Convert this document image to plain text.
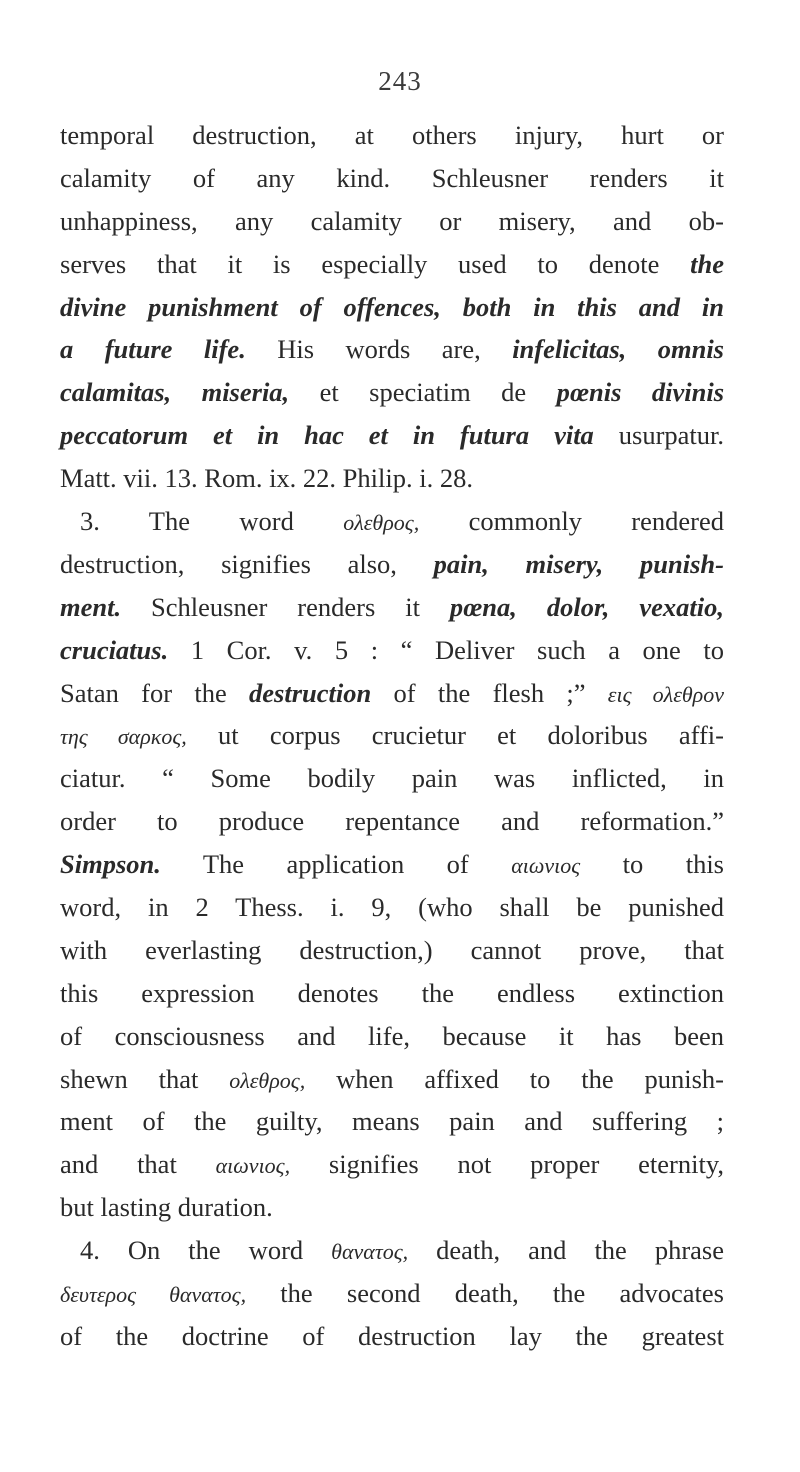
243
temporal destruction, at others injury, hurt or
calamity of any kind. Schleusner renders it
unhappiness, any calamity or misery, and ob-
serves that it is especially used to denote the
divine punishment of offences, both in this and in
a future life. His words are, infelicitas, omnis
calamitas, miseria, et speciatim de pœnis divinis
peccatorum et in hac et in futura vita usurpatur.
Matt. vii. 13. Rom. ix. 22. Philip. i. 28.
3. The word ολεθρος, commonly rendered
destruction, signifies also, pain, misery, punish-
ment. Schleusner renders it pœna, dolor, vexatio,
cruciatus. 1 Cor. v. 5 : “ Deliver such a one to
Satan for the destruction of the flesh ;” εις ολεθρον
της σαρκος, ut corpus crucietur et doloribus affi-
ciatur. “ Some bodily pain was inflicted, in
order to produce repentance and reformation.”
Simpson. The application of αιωνιος to this
word, in 2 Thess. i. 9, (who shall be punished
with everlasting destruction,) cannot prove, that
this expression denotes the endless extinction
of consciousness and life, because it has been
shewn that ολεθρος, when affixed to the punish-
ment of the guilty, means pain and suffering ;
and that αιωνιος, signifies not proper eternity,
but lasting duration.
4. On the word θανατος, death, and the phrase
δευτερος θανατος, the second death, the advocates
of the doctrine of destruction lay the greatest
